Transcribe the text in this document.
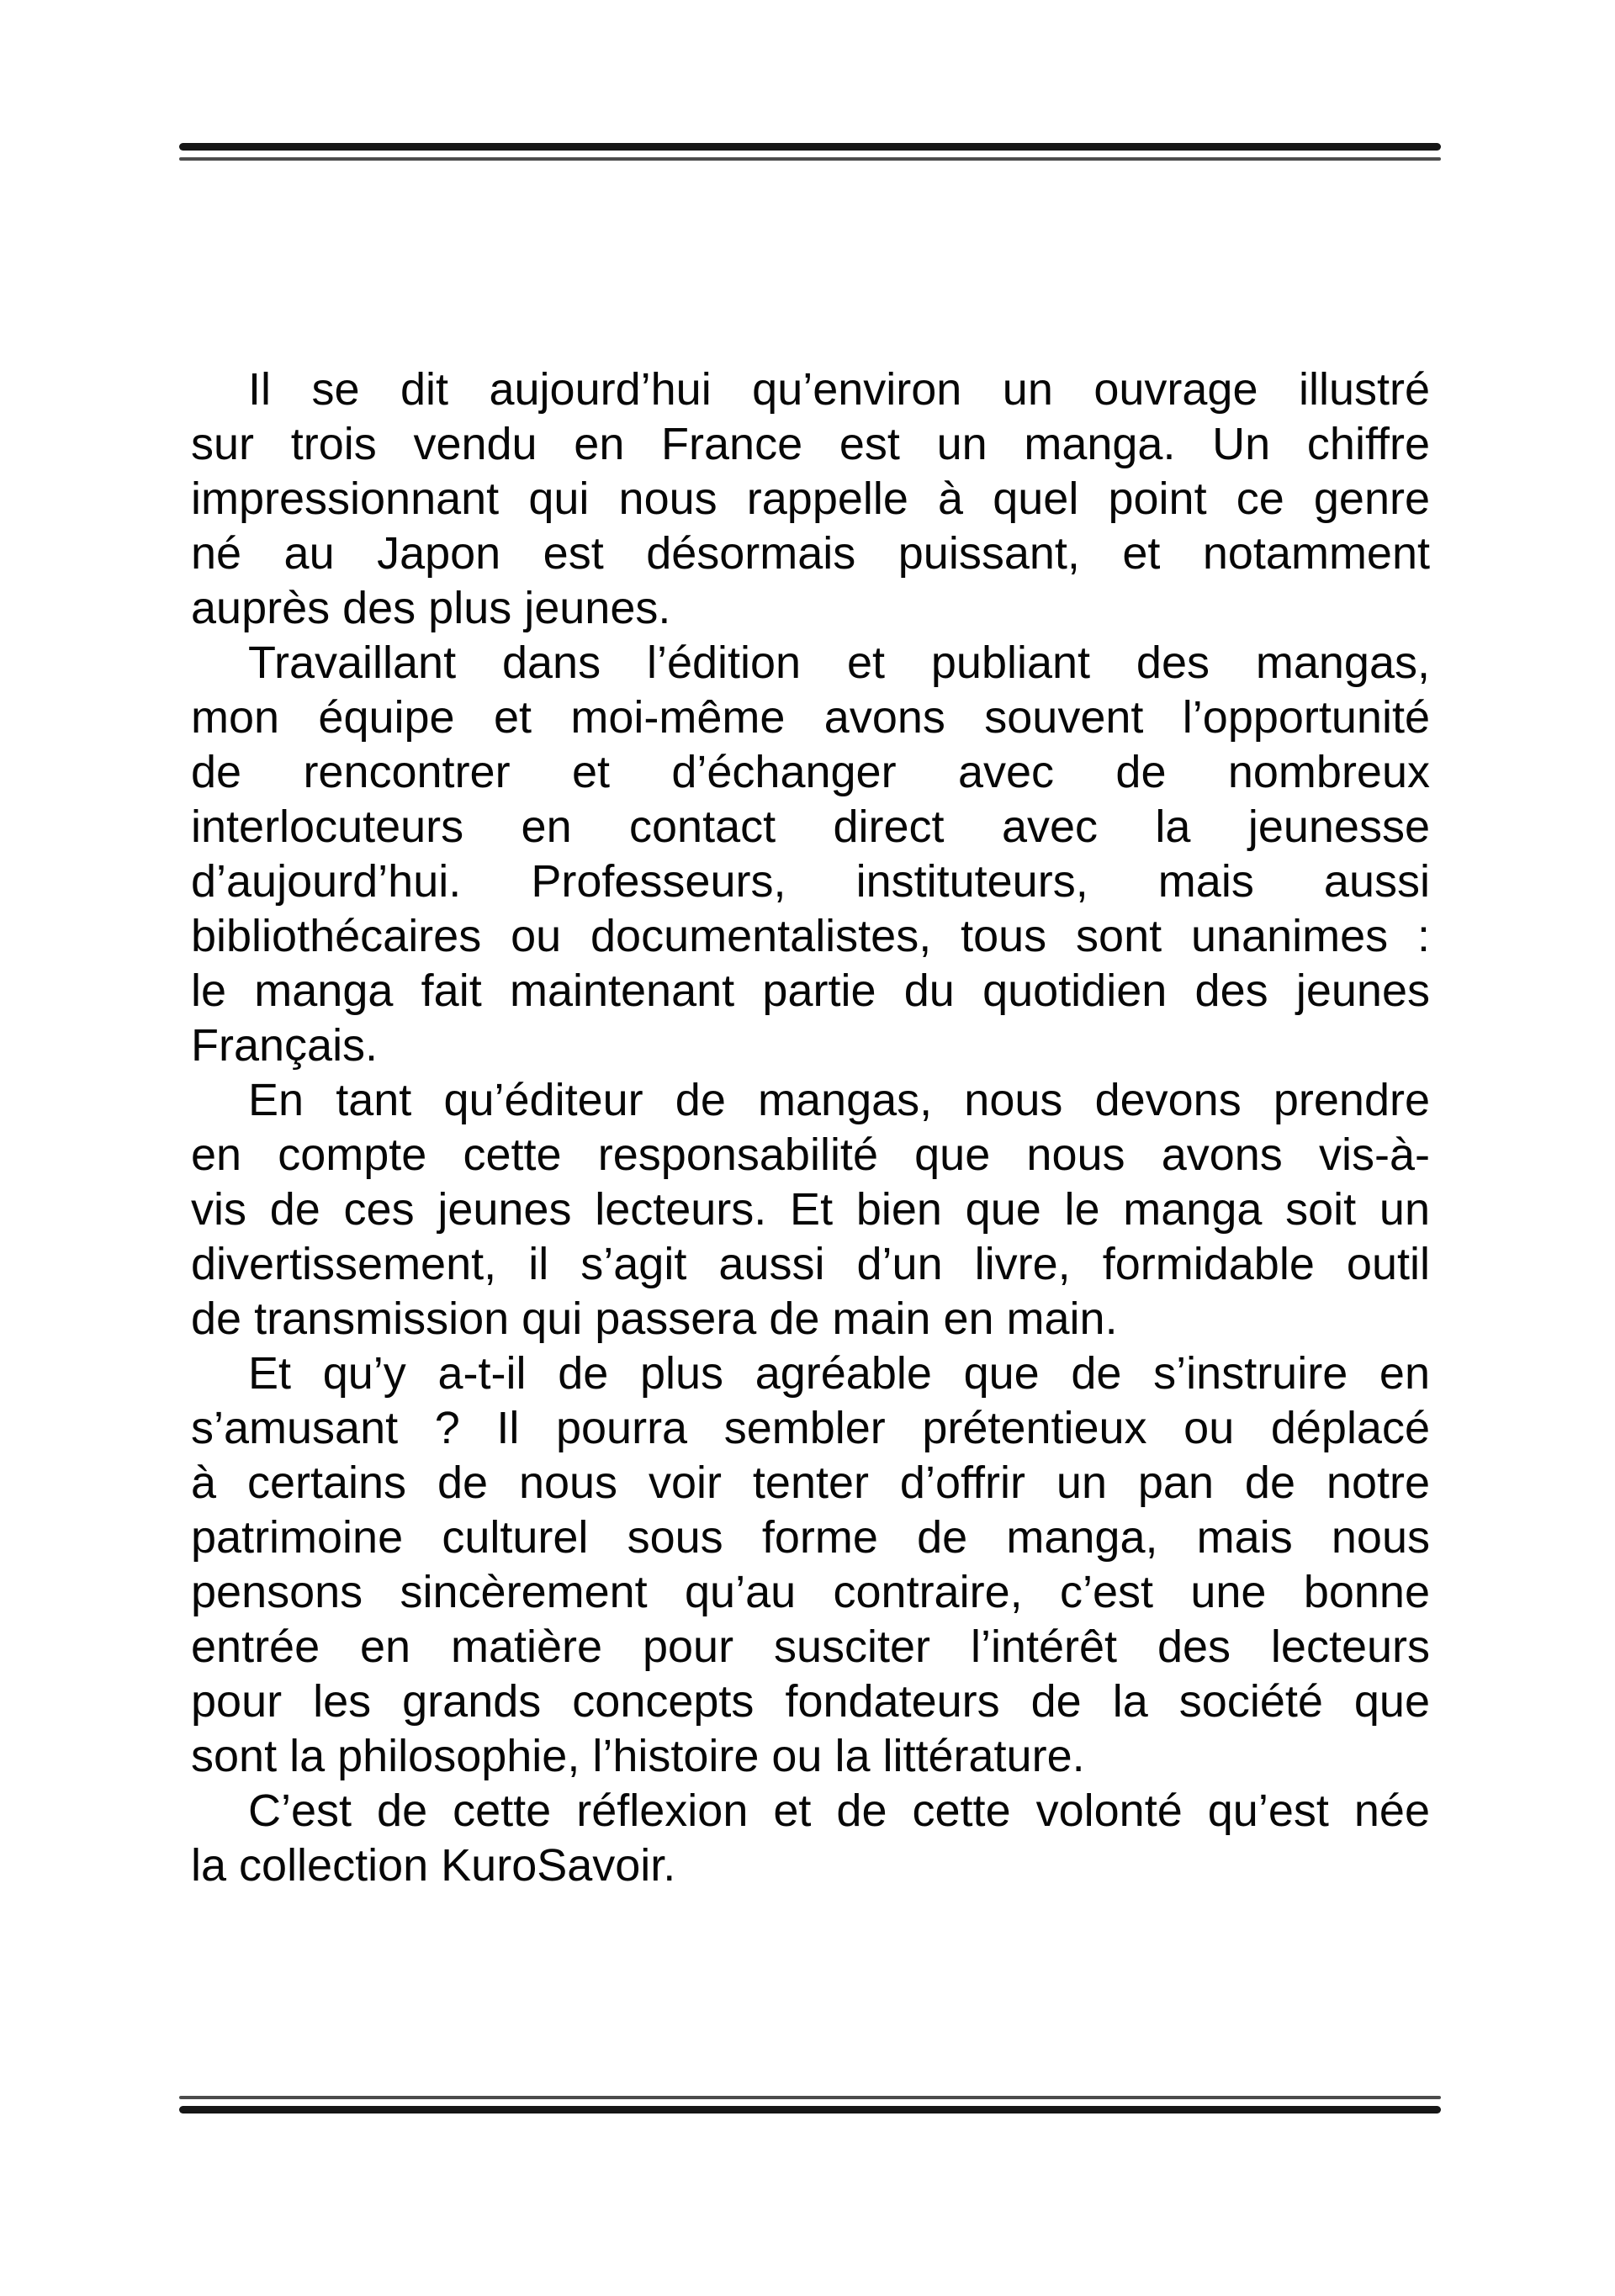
Il se dit aujourd’hui qu’environ un ouvrage illustré
sur trois vendu en France est un manga. Un chiffre
impressionnant qui nous rappelle à quel point ce genre
né au Japon est désormais puissant, et notamment
auprès des plus jeunes.
Travaillant dans l’édition et publiant des mangas,
mon équipe et moi-même avons souvent l’opportunité
de rencontrer et d’échanger avec de nombreux
interlocuteurs en contact direct avec la jeunesse
d’aujourd’hui. Professeurs, instituteurs, mais aussi
bibliothécaires ou documentalistes, tous sont unanimes :
le manga fait maintenant partie du quotidien des jeunes
Français.
En tant qu’éditeur de mangas, nous devons prendre
en compte cette responsabilité que nous avons vis-à-
vis de ces jeunes lecteurs. Et bien que le manga soit un
divertissement, il s’agit aussi d’un livre, formidable outil
de transmission qui passera de main en main.
Et qu’y a-t-il de plus agréable que de s’instruire en
s’amusant ? Il pourra sembler prétentieux ou déplacé
à certains de nous voir tenter d’offrir un pan de notre
patrimoine culturel sous forme de manga, mais nous
pensons sincèrement qu’au contraire, c’est une bonne
entrée en matière pour susciter l’intérêt des lecteurs
pour les grands concepts fondateurs de la société que
sont la philosophie, l’histoire ou la littérature.
C’est de cette réflexion et de cette volonté qu’est née
la collection KuroSavoir.
